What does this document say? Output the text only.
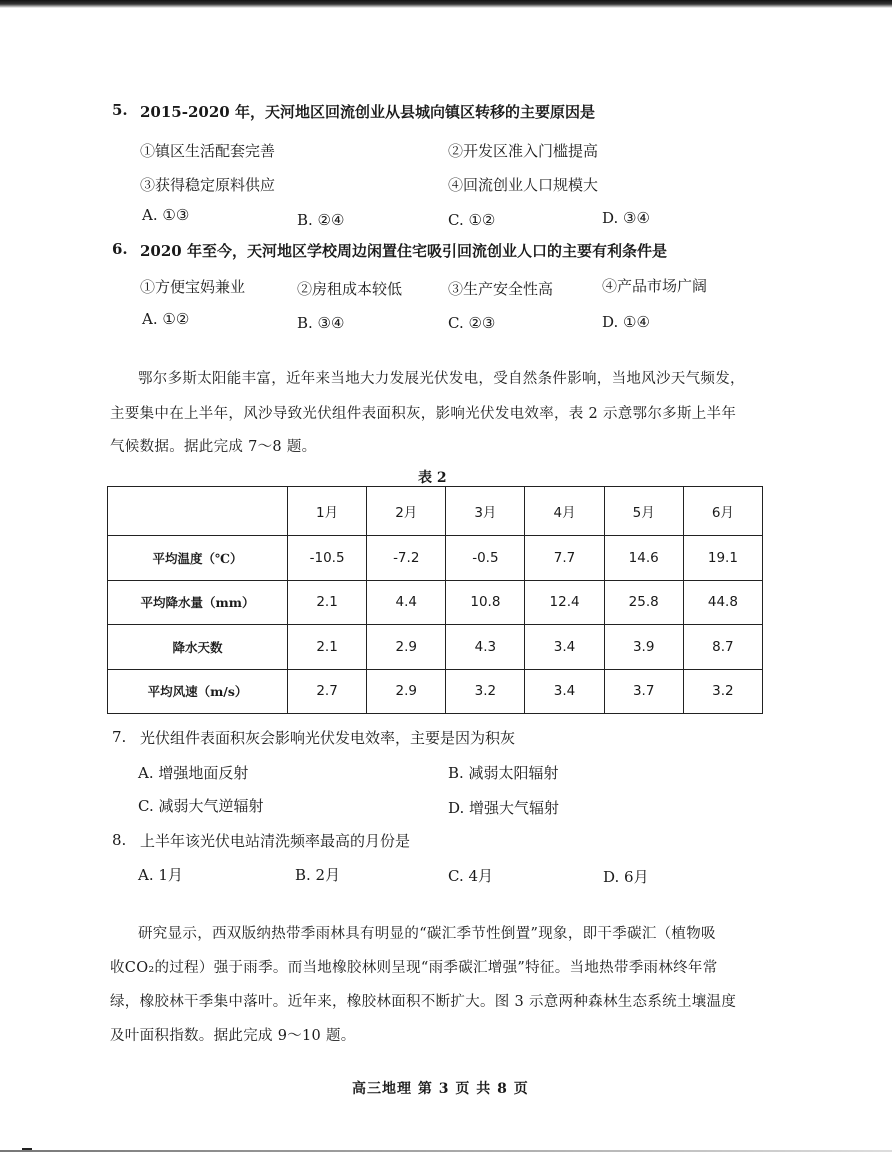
5. 2015-2020 年，天河地区回流创业从县城向镇区转移的主要原因是
①镇区生活配套完善	②开发区准入门槛提高
③获得稳定原料供应	④回流创业人口规模大
A. ①③	B. ②④	C. ①②	D. ③④
6. 2020 年至今，天河地区学校周边闲置住宅吸引回流创业人口的主要有利条件是
①方便宝妈兼业	②房租成本较低	③生产安全性高	④产品市场广阔
A. ①②	B. ③④	C. ②③	D. ①④
鄂尔多斯太阳能丰富，近年来当地大力发展光伏发电，受自然条件影响，当地风沙天气频发，
主要集中在上半年，风沙导致光伏组件表面积灰，影响光伏发电效率，表 2 示意鄂尔多斯上半年
气候数据。据此完成 7～8 题。
表 2
	1月	2月	3月	4月	5月	6月
平均温度（℃）	-10.5	-7.2	-0.5	7.7	14.6	19.1
平均降水量（mm）	2.1	4.4	10.8	12.4	25.8	44.8
降水天数	2.1	2.9	4.3	3.4	3.9	8.7
平均风速（m/s）	2.7	2.9	3.2	3.4	3.7	3.2
7. 光伏组件表面积灰会影响光伏发电效率，主要是因为积灰
A. 增强地面反射	B. 减弱太阳辐射
C. 减弱大气逆辐射	D. 增强大气辐射
8. 上半年该光伏电站清洗频率最高的月份是
A. 1月	B. 2月	C. 4月	D. 6月
研究显示，西双版纳热带季雨林具有明显的“碳汇季节性倒置”现象，即干季碳汇（植物吸
收CO₂的过程）强于雨季。而当地橡胶林则呈现“雨季碳汇增强”特征。当地热带季雨林终年常
绿，橡胶林干季集中落叶。近年来，橡胶林面积不断扩大。图 3 示意两种森林生态系统土壤温度
及叶面积指数。据此完成 9～10 题。
高三地理 第 3 页 共 8 页
